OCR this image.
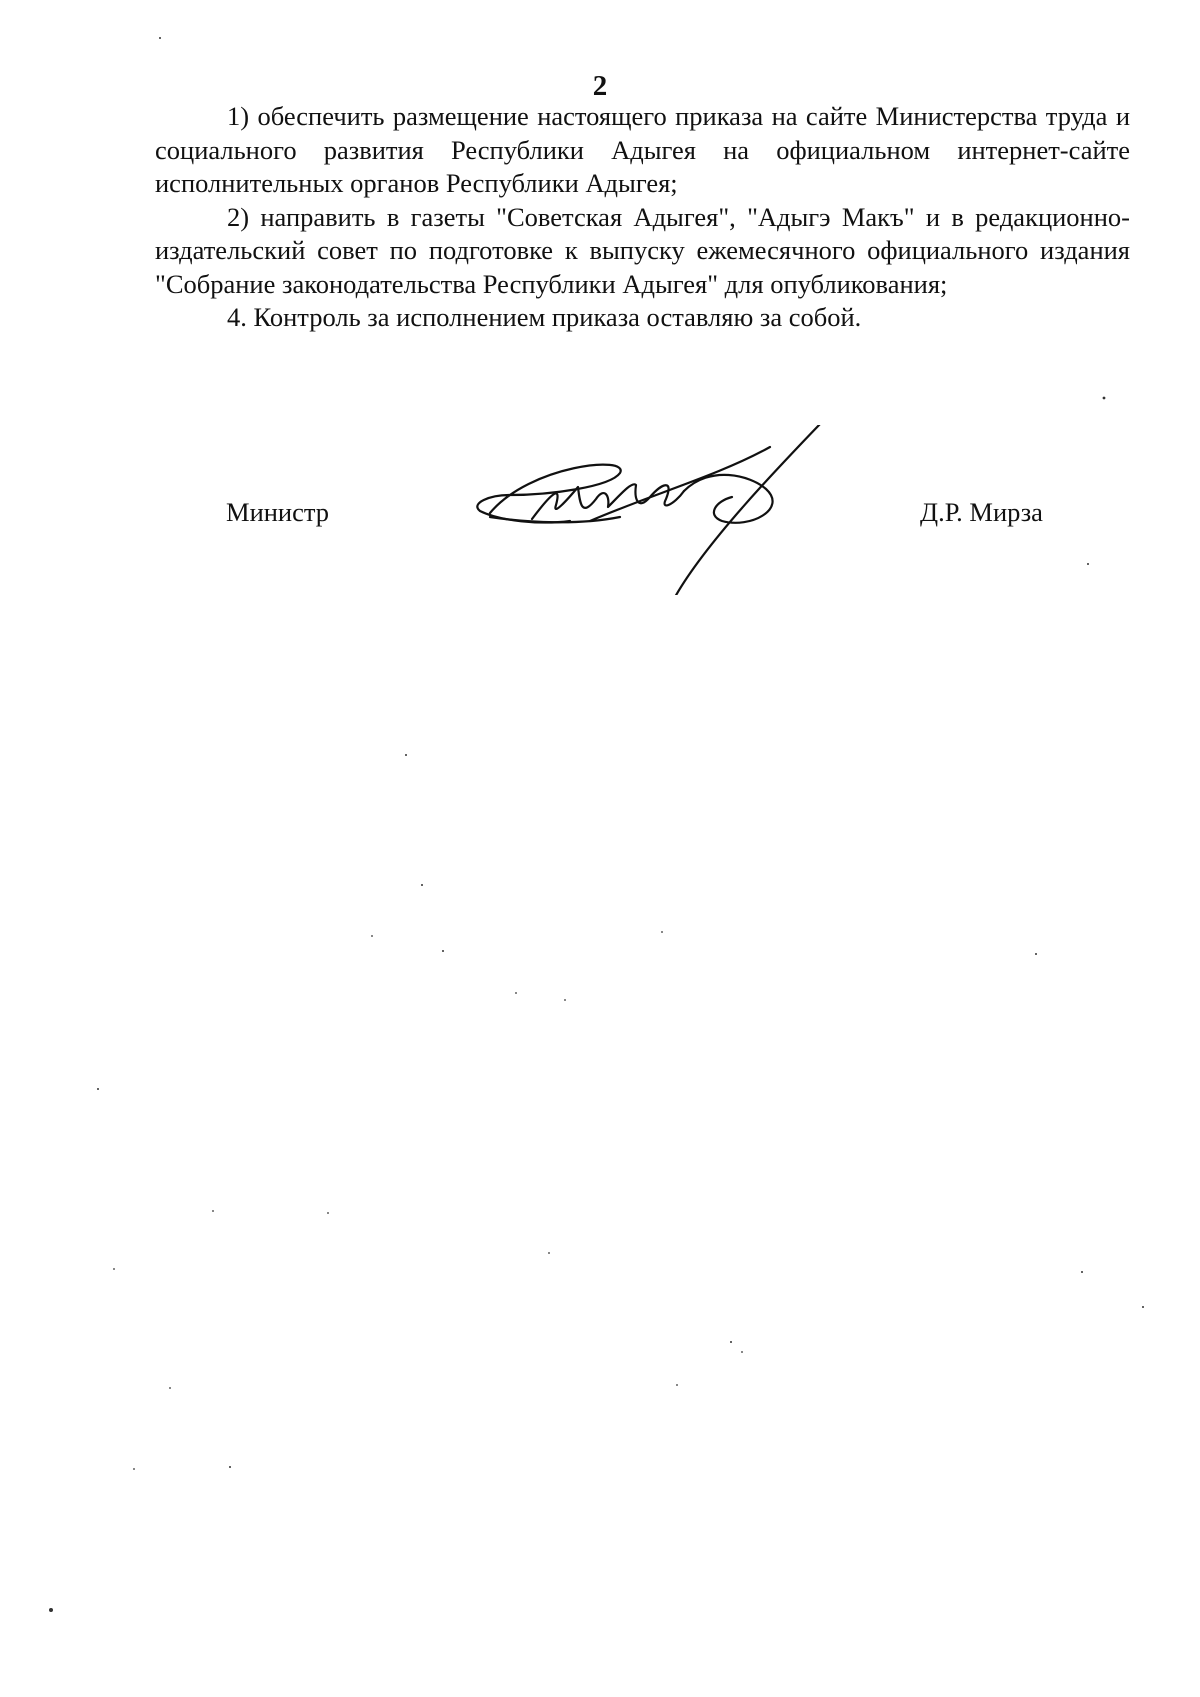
2

1) обеспечить размещение настоящего приказа на сайте Министерства труда и социального развития Республики Адыгея на официальном интернет-сайте исполнительных органов Республики Адыгея;

2) направить в газеты "Советская Адыгея", "Адыгэ Макъ" и в редакционно-издательский совет по подготовке к выпуску ежемесячного официального издания "Собрание законодательства Республики Адыгея" для опубликования;

4. Контроль за исполнением приказа оставляю за собой.

Министр	Д.Р. Мирза
